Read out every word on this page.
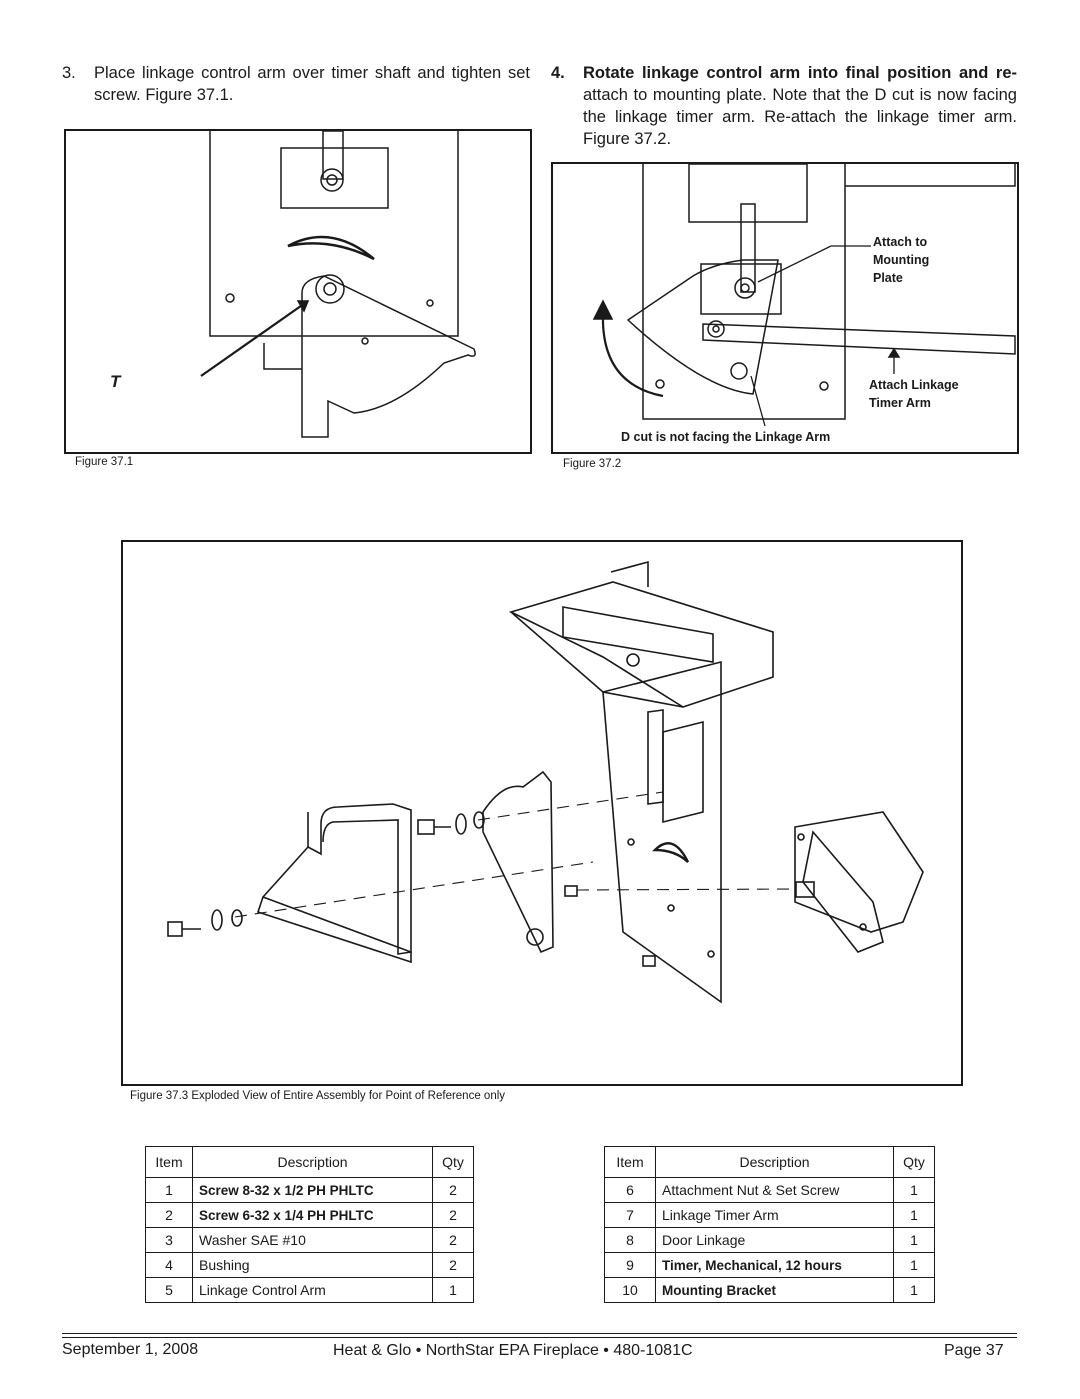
3. Place linkage control arm over timer shaft and tighten set screw. Figure 37.1.
4. Rotate linkage control arm into final position and re- attach to mounting plate. Note that the D cut is now facing the linkage timer arm. Re-attach the linkage timer arm. Figure 37.2.
T
Figure 37.1
Attach to
Mounting
Plate
Attach Linkage
Timer Arm
D cut is not facing the Linkage Arm
Figure 37.2
Figure 37.3 Exploded View of Entire Assembly for Point of Reference only
Item	Description	Qty
1	Screw 8-32 x 1/2 PH PHLTC	2
2	Screw 6-32 x 1/4 PH PHLTC	2
3	Washer SAE #10	2
4	Bushing	2
5	Linkage Control Arm	1
Item	Description	Qty
6	Attachment Nut & Set Screw	1
7	Linkage Timer Arm	1
8	Door Linkage	1
9	Timer, Mechanical, 12 hours	1
10	Mounting Bracket	1
September 1, 2008	Heat & Glo • NorthStar EPA Fireplace • 480-1081C	Page 37
